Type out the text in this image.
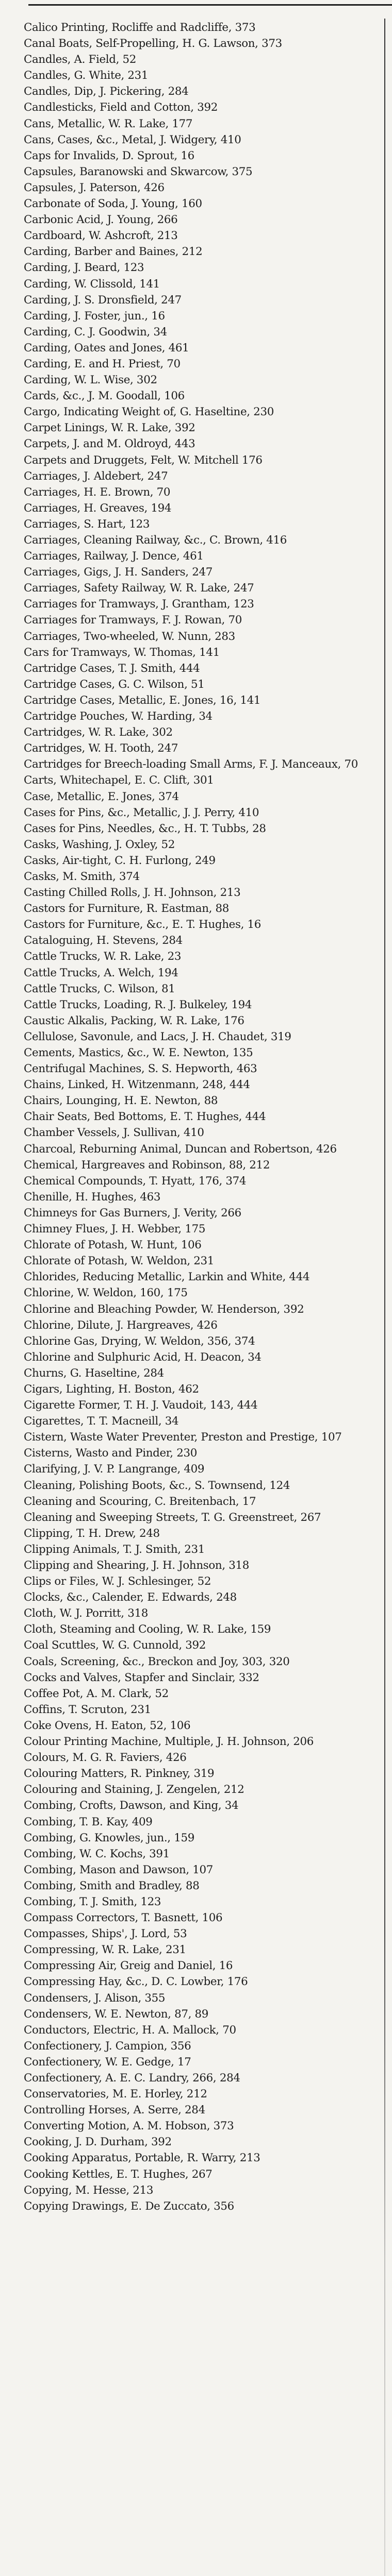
Calico Printing, Rocliffe and Radcliffe, 373
Canal Boats, Self-Propelling, H. G. Lawson, 373
Candles, A. Field, 52
Candles, G. White, 231
Candles, Dip, J. Pickering, 284
Candlesticks, Field and Cotton, 392
Cans, Metallic, W. R. Lake, 177
Cans, Cases, &c., Metal, J. Widgery, 410
Caps for Invalids, D. Sprout, 16
Capsules, Baranowski and Skwarcow, 375
Capsules, J. Paterson, 426
Carbonate of Soda, J. Young, 160
Carbonic Acid, J. Young, 266
Cardboard, W. Ashcroft, 213
Carding, Barber and Baines, 212
Carding, J. Beard, 123
Carding, W. Clissold, 141
Carding, J. S. Dronsfield, 247
Carding, J. Foster, jun., 16
Carding, C. J. Goodwin, 34
Carding, Oates and Jones, 461
Carding, E. and H. Priest, 70
Carding, W. L. Wise, 302
Cards, &c., J. M. Goodall, 106
Cargo, Indicating Weight of, G. Haseltine, 230
Carpet Linings, W. R. Lake, 392
Carpets, J. and M. Oldroyd, 443
Carpets and Druggets, Felt, W. Mitchell 176
Carriages, J. Aldebert, 247
Carriages, H. E. Brown, 70
Carriages, H. Greaves, 194
Carriages, S. Hart, 123
Carriages, Cleaning Railway, &c., C. Brown, 416
Carriages, Railway, J. Dence, 461
Carriages, Gigs, J. H. Sanders, 247
Carriages, Safety Railway, W. R. Lake, 247
Carriages for Tramways, J. Grantham, 123
Carriages for Tramways, F. J. Rowan, 70
Carriages, Two-wheeled, W. Nunn, 283
Cars for Tramways, W. Thomas, 141
Cartridge Cases, T. J. Smith, 444
Cartridge Cases, G. C. Wilson, 51
Cartridge Cases, Metallic, E. Jones, 16, 141
Cartridge Pouches, W. Harding, 34
Cartridges, W. R. Lake, 302
Cartridges, W. H. Tooth, 247
Cartridges for Breech-loading Small Arms, F. J. Manceaux, 70
Carts, Whitechapel, E. C. Clift, 301
Case, Metallic, E. Jones, 374
Cases for Pins, &c., Metallic, J. J. Perry, 410
Cases for Pins, Needles, &c., H. T. Tubbs, 28
Casks, Washing, J. Oxley, 52
Casks, Air-tight, C. H. Furlong, 249
Casks, M. Smith, 374
Casting Chilled Rolls, J. H. Johnson, 213
Castors for Furniture, R. Eastman, 88
Castors for Furniture, &c., E. T. Hughes, 16
Cataloguing, H. Stevens, 284
Cattle Trucks, W. R. Lake, 23
Cattle Trucks, A. Welch, 194
Cattle Trucks, C. Wilson, 81
Cattle Trucks, Loading, R. J. Bulkeley, 194
Caustic Alkalis, Packing, W. R. Lake, 176
Cellulose, Savonule, and Lacs, J. H. Chaudet, 319
Cements, Mastics, &c., W. E. Newton, 135
Centrifugal Machines, S. S. Hepworth, 463
Chains, Linked, H. Witzenmann, 248, 444
Chairs, Lounging, H. E. Newton, 88
Chair Seats, Bed Bottoms, E. T. Hughes, 444
Chamber Vessels, J. Sullivan, 410
Charcoal, Reburning Animal, Duncan and Robertson, 426
Chemical, Hargreaves and Robinson, 88, 212
Chemical Compounds, T. Hyatt, 176, 374
Chenille, H. Hughes, 463
Chimneys for Gas Burners, J. Verity, 266
Chimney Flues, J. H. Webber, 175
Chlorate of Potash, W. Hunt, 106
Chlorate of Potash, W. Weldon, 231
Chlorides, Reducing Metallic, Larkin and White, 444
Chlorine, W. Weldon, 160, 175
Chlorine and Bleaching Powder, W. Henderson, 392
Chlorine, Dilute, J. Hargreaves, 426
Chlorine Gas, Drying, W. Weldon, 356, 374
Chlorine and Sulphuric Acid, H. Deacon, 34
Churns, G. Haseltine, 284
Cigars, Lighting, H. Boston, 462
Cigarette Former, T. H. J. Vaudoit, 143, 444
Cigarettes, T. T. Macneill, 34
Cistern, Waste Water Preventer, Preston and Prestige, 107
Cisterns, Wasto and Pinder, 230
Clarifying, J. V. P. Langrange, 409
Cleaning, Polishing Boots, &c., S. Townsend, 124
Cleaning and Scouring, C. Breitenbach, 17
Cleaning and Sweeping Streets, T. G. Greenstreet, 267
Clipping, T. H. Drew, 248
Clipping Animals, T. J. Smith, 231
Clipping and Shearing, J. H. Johnson, 318
Clips or Files, W. J. Schlesinger, 52
Clocks, &c., Calender, E. Edwards, 248
Cloth, W. J. Porritt, 318
Cloth, Steaming and Cooling, W. R. Lake, 159
Coal Scuttles, W. G. Cunnold, 392
Coals, Screening, &c., Breckon and Joy, 303, 320
Cocks and Valves, Stapfer and Sinclair, 332
Coffee Pot, A. M. Clark, 52
Coffins, T. Scruton, 231
Coke Ovens, H. Eaton, 52, 106
Colour Printing Machine, Multiple, J. H. Johnson, 206
Colours, M. G. R. Faviers, 426
Colouring Matters, R. Pinkney, 319
Colouring and Staining, J. Zengelen, 212
Combing, Crofts, Dawson, and King, 34
Combing, T. B. Kay, 409
Combing, G. Knowles, jun., 159
Combing, W. C. Kochs, 391
Combing, Mason and Dawson, 107
Combing, Smith and Bradley, 88
Combing, T. J. Smith, 123
Compass Correctors, T. Basnett, 106
Compasses, Ships', J. Lord, 53
Compressing, W. R. Lake, 231
Compressing Air, Greig and Daniel, 16
Compressing Hay, &c., D. C. Lowber, 176
Condensers, J. Alison, 355
Condensers, W. E. Newton, 87, 89
Conductors, Electric, H. A. Mallock, 70
Confectionery, J. Campion, 356
Confectionery, W. E. Gedge, 17
Confectionery, A. E. C. Landry, 266, 284
Conservatories, M. E. Horley, 212
Controlling Horses, A. Serre, 284
Converting Motion, A. M. Hobson, 373
Cooking, J. D. Durham, 392
Cooking Apparatus, Portable, R. Warry, 213
Cooking Kettles, E. T. Hughes, 267
Copying, M. Hesse, 213
Copying Drawings, E. De Zuccato, 356
